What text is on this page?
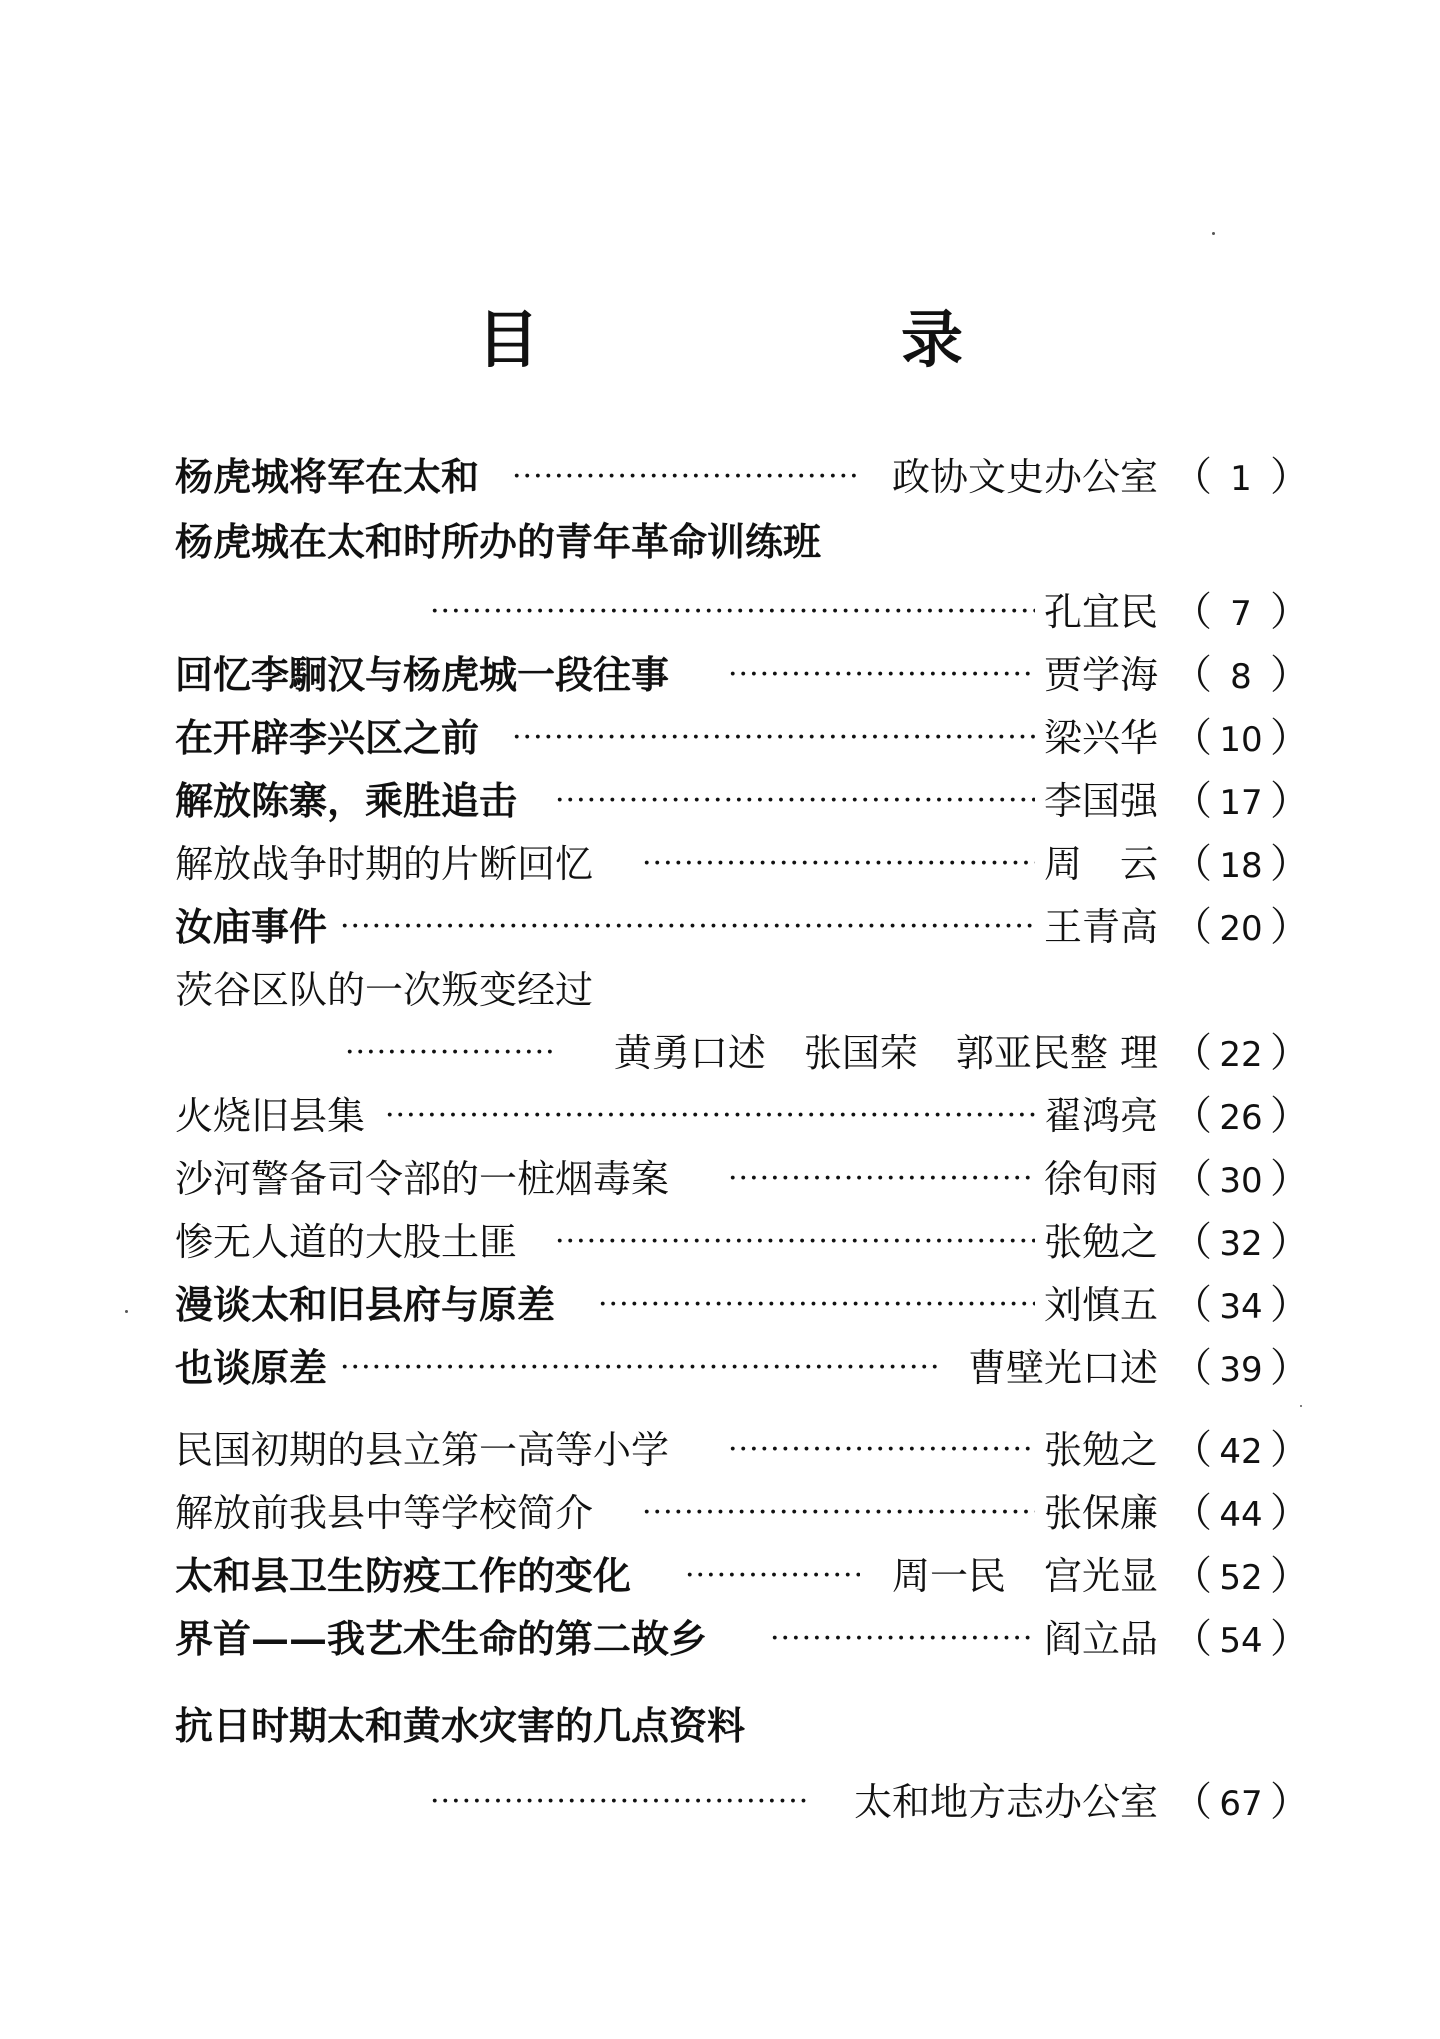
目　录
杨虎城将军在太和 ·····	政协文史办公室 （ 1 ）
杨虎城在太和时所办的青年革命训练班
·····
孔宜民 （ 7 ）
回忆李駉汉与杨虎城一段往事 ·····	贾学海 （ 8 ）
在开辟李兴区之前 ·····	梁兴华 （ 10 ）
解放陈寨，乘胜追击 ·····	李国强 （ 17 ）
解放战争时期的片断回忆 ·····	周　云 （ 18 ）
汝庙事件 ·····	王青高 （ 20 ）
茨谷区队的一次叛变经过
·····
黄勇口述　张国荣　郭亚民整 理 （ 22 ）
火烧旧县集 ·····	翟鸿亮 （ 26 ）
沙河警备司令部的一桩烟毒案 ·····	徐旬雨 （ 30 ）
惨无人道的大股土匪 ·····	张勉之 （ 32 ）
漫谈太和旧县府与原差 ·····	刘慎五 （ 34 ）
也谈原差 ·····	曹壁光口述 （ 39 ）
民国初期的县立第一高等小学 ·····	张勉之 （ 42 ）
解放前我县中等学校简介 ·····	张保廉 （ 44 ）
太和县卫生防疫工作的变化 ·····	周一民　宫光显 （ 52 ）
界首——我艺术生命的第二故乡 ·····	阎立品 （ 54 ）
抗日时期太和黄水灾害的几点资料
·····
太和地方志办公室 （ 67 ）
